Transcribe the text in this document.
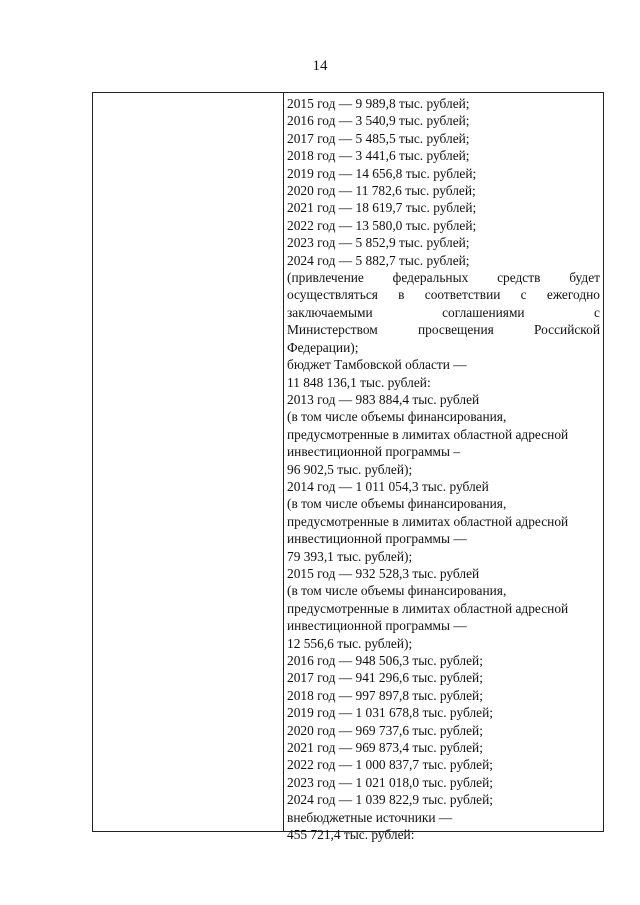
14
2015 год — 9 989,8 тыс. рублей;
2016 год — 3 540,9 тыс. рублей;
2017 год — 5 485,5 тыс. рублей;
2018 год — 3 441,6 тыс. рублей;
2019 год — 14 656,8 тыс. рублей;
2020 год — 11 782,6 тыс. рублей;
2021 год — 18 619,7 тыс. рублей;
2022 год — 13 580,0 тыс. рублей;
2023 год — 5 852,9 тыс. рублей;
2024 год — 5 882,7 тыс. рублей;
(привлечение федеральных средств будет
осуществляться в соответствии с ежегодно
заключаемыми соглашениями с
Министерством просвещения Российской
Федерации);
бюджет Тамбовской области —
11 848 136,1 тыс. рублей:
2013 год — 983 884,4 тыс. рублей
(в том числе объемы финансирования,
предусмотренные в лимитах областной адресной
инвестиционной программы –
96 902,5 тыс. рублей);
2014 год — 1 011 054,3 тыс. рублей
(в том числе объемы финансирования,
предусмотренные в лимитах областной адресной
инвестиционной программы —
79 393,1 тыс. рублей);
2015 год — 932 528,3 тыс. рублей
(в том числе объемы финансирования,
предусмотренные в лимитах областной адресной
инвестиционной программы —
12 556,6 тыс. рублей);
2016 год — 948 506,3 тыс. рублей;
2017 год — 941 296,6 тыс. рублей;
2018 год — 997 897,8 тыс. рублей;
2019 год — 1 031 678,8 тыс. рублей;
2020 год — 969 737,6 тыс. рублей;
2021 год — 969 873,4 тыс. рублей;
2022 год — 1 000 837,7 тыс. рублей;
2023 год — 1 021 018,0 тыс. рублей;
2024 год — 1 039 822,9 тыс. рублей;
внебюджетные источники —
455 721,4 тыс. рублей:
